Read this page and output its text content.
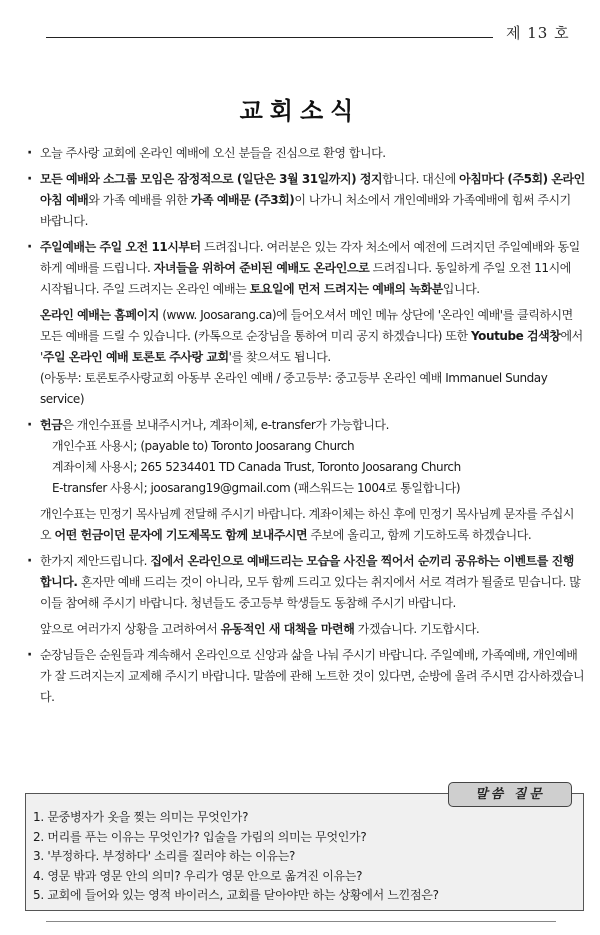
제 13 호
교회소식
· 오늘 주사랑 교회에 온라인 예배에 오신 분들을 진심으로 환영 합니다.
· 모든 예배와 소그룹 모임은 잠정적으로 (일단은 3월 31일까지) 정지합니다. 대신에 아침마다 (주5회) 온라인 아침 예배와 가족 예배를 위한 가족 예배문 (주3회)이 나가니 처소에서 개인예배와 가족예배에 힘써 주시기 바랍니다.
· 주일예배는 주일 오전 11시부터 드려집니다. 여러분은 있는 각자 처소에서 예전에 드려지던 주일예배와 동일하게 예배를 드립니다. 자녀들을 위하여 준비된 예배도 온라인으로 드려집니다. 동일하게 주일 오전 11시에 시작됩니다. 주일 드려지는 온라인 예배는 토요일에 먼저 드려지는 예배의 녹화분입니다.
온라인 예배는 홈페이지 (www. Joosarang.ca)에 들어오셔서 메인 메뉴 상단에 '온라인 예배'를 클릭하시면 모든 예배를 드릴 수 있습니다. (카톡으로 순장님을 통하여 미리 공지 하겠습니다) 또한 Youtube 검색창에서 '주일 온라인 예배 토론토 주사랑 교회'를 찾으셔도 됩니다.
(아동부: 토론토주사랑교회 아동부 온라인 예배 / 중고등부: 중고등부 온라인 예배 Immanuel Sunday service)
· 헌금은 개인수표를 보내주시거나, 계좌이체, e-transfer가 가능합니다.
개인수표 사용시; (payable to) Toronto Joosarang Church
계좌이체 사용시; 265 5234401 TD Canada Trust, Toronto Joosarang Church
E-transfer 사용시; joosarang19@gmail.com (패스워드는 1004로 통일합니다)
개인수표는 민정기 목사님께 전달해 주시기 바랍니다. 계좌이체는 하신 후에 민정기 목사님께 문자를 주십시오 어떤 헌금이던 문자에 기도제목도 함께 보내주시면 주보에 올리고, 함께 기도하도록 하겠습니다.
· 한가지 제안드립니다. 집에서 온라인으로 예배드리는 모습을 사진을 찍어서 순끼리 공유하는 이벤트를 진행합니다. 혼자만 예배 드리는 것이 아니라, 모두 함께 드리고 있다는 취지에서 서로 격려가 될줄로 믿습니다. 많이들 참여해 주시기 바랍니다. 청년들도 중고등부 학생들도 동참해 주시기 바랍니다.
앞으로 여러가지 상황을 고려하여서 유동적인 새 대책을 마련해 가겠습니다. 기도합시다.
· 순장님들은 순원들과 계속해서 온라인으로 신앙과 삶을 나눠 주시기 바랍니다. 주일예배, 가족예배, 개인예배가 잘 드려지는지 교제해 주시기 바랍니다. 말씀에 관해 노트한 것이 있다면, 순방에 올려 주시면 감사하겠습니다.
말씀 질문
1. 문중병자가 옷을 찢는 의미는 무엇인가?
2. 머리를 푸는 이유는 무엇인가? 입술을 가림의 의미는 무엇인가?
3. '부정하다. 부정하다' 소리를 질러야 하는 이유는?
4. 영문 밖과 영문 안의 의미? 우리가 영문 안으로 옮겨진 이유는?
5. 교회에 들어와 있는 영적 바이러스, 교회를 닫아야만 하는 상황에서 느낀점은?
